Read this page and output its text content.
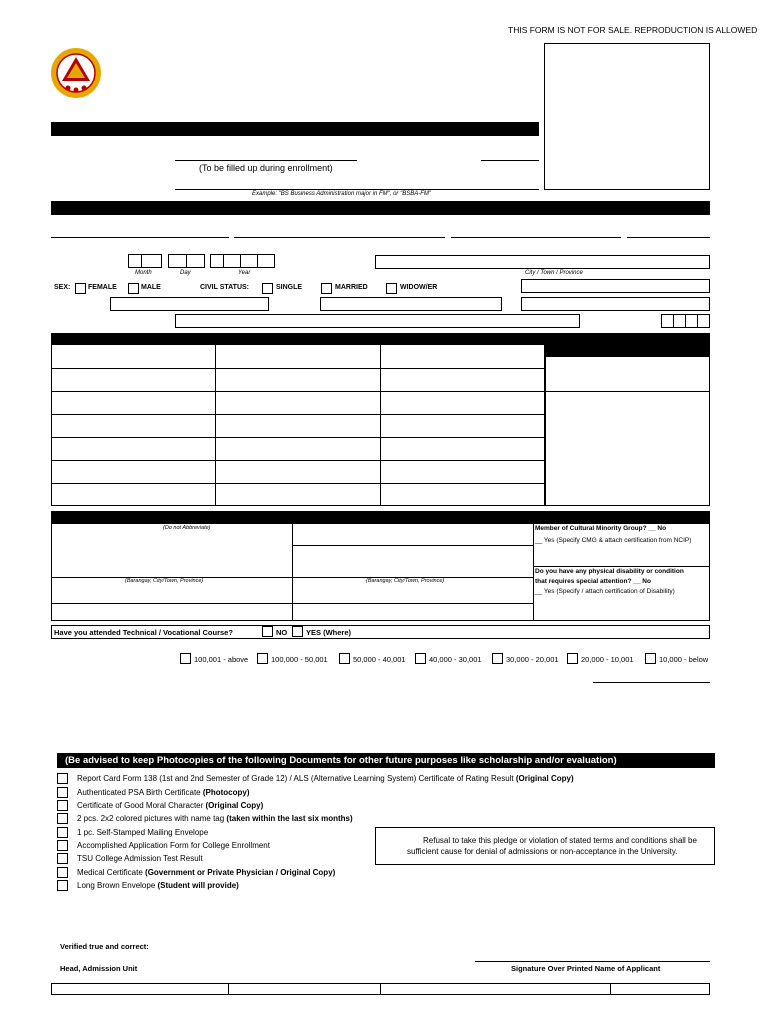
THIS FORM IS NOT FOR SALE. REPRODUCTION IS ALLOWED
(To be filled up during enrollment)
Example: "BS Business Administration major in FM", or "BSBA-FM"
Month	Day	Year	City / Town / Province
SEX:	FEMALE	MALE	CIVIL STATUS:	SINGLE	MARRIED	WIDOW/ER
(Do not Abbreviate)
(Barangay, City/Town, Province)	(Barangay, City/Town, Province)
Member of Cultural Minority Group? __ No
__ Yes (Specify CMG & attach certification from NCIP)
Do you have any physical disability or condition
that requires special attention? __ No
__ Yes (Specify / attach certification of Disability)
Have you attended Technical / Vocational Course?	NO	YES (Where)
100,001 - above	100,000 - 50,001	50,000 - 40,001	40,000 - 30,001	30,000 - 20,001	20,000 - 10,001	10,000 - below
(Be advised to keep Photocopies of the following Documents for other future purposes like scholarship and/or evaluation)
Report Card Form 138 (1st and 2nd Semester of Grade 12) / ALS (Alternative Learning System) Certificate of Rating Result (Original Copy)
Authenticated PSA Birth Certificate (Photocopy)
Certificate of Good Moral Character (Original Copy)
2 pcs. 2x2 colored pictures with name tag (taken within the last six months)
1 pc. Self-Stamped Mailing Envelope
Accomplished Application Form for College Enrollment
TSU College Admission Test Result
Medical Certificate (Government or Private Physician / Original Copy)
Long Brown Envelope (Student will provide)
Refusal to take this pledge or violation of stated terms and conditions shall be
sufficient cause for denial of admissions or non-acceptance in the University.
Verified true and correct:
Head, Admission Unit	Signature Over Printed Name of Applicant
